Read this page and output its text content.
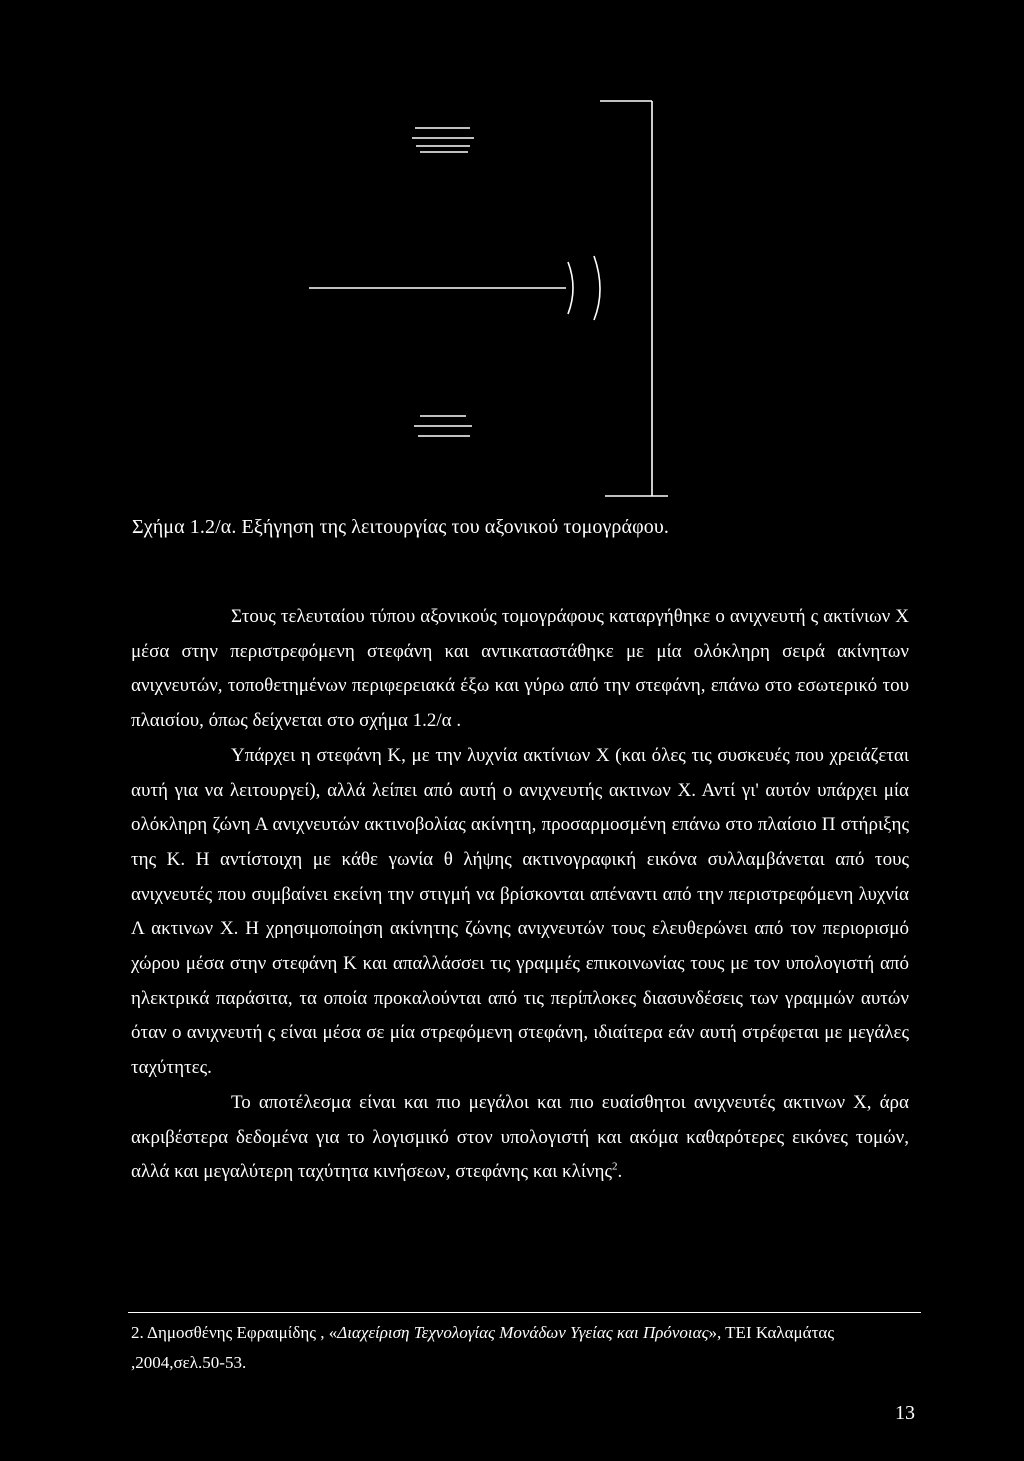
Σχήμα 1.2/α. Εξήγηση της λειτουργίας του αξονικού τομογράφου.

Στους τελευταίου τύπου αξονικούς τομογράφους καταργήθηκε ο ανιχνευτή ς ακτίνιων Χ μέσα στην περιστρεφόμενη στεφάνη και αντικαταστάθηκε με μία ολόκληρη σειρά ακίνητων ανιχνευτών, τοποθετημένων περιφερειακά έξω και γύρω από την στεφάνη, επάνω στο εσωτερικό του πλαισίου, όπως δείχνεται στο σχήμα 1.2/α .

Υπάρχει η στεφάνη Κ, με την λυχνία ακτίνιων Χ (και όλες τις συσκευές που χρειάζεται αυτή για να λειτουργεί), αλλά λείπει από αυτή ο ανιχνευτής ακτινων Χ. Αντί γι' αυτόν υπάρχει μία ολόκληρη ζώνη Α ανιχνευτών ακτινοβολίας ακίνητη, προσαρμοσμένη επάνω στο πλαίσιο Π στήριξης της Κ. Η αντίστοιχη με κάθε γωνία θ λήψης ακτινογραφική εικόνα συλλαμβάνεται από τους ανιχνευτές που συμβαίνει εκείνη την στιγμή να βρίσκονται απέναντι από την περιστρεφόμενη λυχνία Λ ακτινων Χ. Η χρησιμοποίηση ακίνητης ζώνης ανιχνευτών τους ελευθερώνει από τον περιορισμό χώρου μέσα στην στεφάνη Κ και απαλλάσσει τις γραμμές επικοινωνίας τους με τον υπολογιστή από ηλεκτρικά παράσιτα, τα οποία προκαλούνται από τις περίπλοκες διασυνδέσεις των γραμμών αυτών όταν ο ανιχνευτή ς είναι μέσα σε μία στρεφόμενη στεφάνη, ιδιαίτερα εάν αυτή στρέφεται με μεγάλες ταχύτητες.

Το αποτέλεσμα είναι και πιο μεγάλοι και πιο ευαίσθητοι ανιχνευτές ακτινων Χ, άρα ακριβέστερα δεδομένα για το λογισμικό στον υπολογιστή και ακόμα καθαρότερες εικόνες τομών, αλλά και μεγαλύτερη ταχύτητα κινήσεων, στεφάνης και κλίνης$^2$.

2. Δημοσθένης Εφραιμίδης , «Διαχείριση Τεχνολογίας Μονάδων Υγείας και Πρόνοιας», ΤΕΙ Καλαμάτας ,2004,σελ.50-53.
13
